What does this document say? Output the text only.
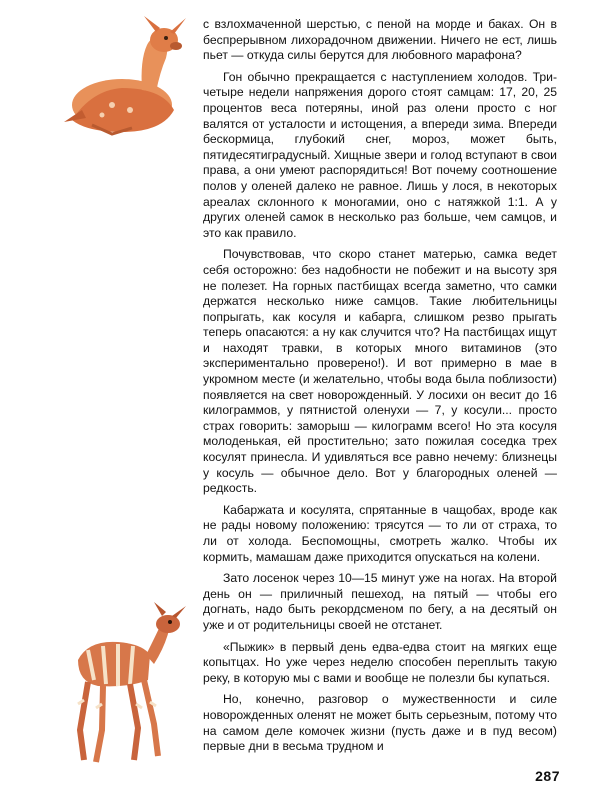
с взлохмаченной шерстью, с пеной на морде и баках. Он в беспрерывном лихорадочном движении. Ничего не ест, лишь пьет — откуда силы берутся для любовного марафона?

Гон обычно прекращается с наступлением холодов. Три-четыре недели напряжения дорого стоят самцам: 17, 20, 25 процентов веса потеряны, иной раз олени просто с ног валятся от усталости и истощения, а впереди зима. Впереди бескормица, глубокий снег, мороз, может быть, пятидесятиградусный. Хищные звери и голод вступают в свои права, а они умеют распорядиться! Вот почему соотношение полов у оленей далеко не равное. Лишь у лося, в некоторых ареалах склонного к моногамии, оно с натяжкой 1:1. А у других оленей самок в несколько раз больше, чем самцов, и это как правило.

Почувствовав, что скоро станет матерью, самка ведет себя осторожно: без надобности не побежит и на высоту зря не полезет. На горных пастбищах всегда заметно, что самки держатся несколько ниже самцов. Такие любительницы попрыгать, как косуля и кабарга, слишком резво прыгать теперь опасаются: а ну как случится что? На пастбищах ищут и находят травки, в которых много витаминов (это экспериментально проверено!). И вот примерно в мае в укромном месте (и желательно, чтобы вода была поблизости) появляется на свет новорожденный. У лосихи он весит до 16 килограммов, у пятнистой оленухи — 7, у косули... просто страх говорить: заморыш — килограмм всего! Но эта косуля молоденькая, ей простительно; зато пожилая соседка трех косулят принесла. И удивляться все равно нечему: близнецы у косуль — обычное дело. Вот у благородных оленей — редкость.

Кабаржата и косулята, спрятанные в чащобах, вроде как не рады новому положению: трясутся — то ли от страха, то ли от холода. Беспомощны, смотреть жалко. Чтобы их кормить, мамашам даже приходится опускаться на колени.

Зато лосенок через 10—15 минут уже на ногах. На второй день он — приличный пешеход, на пятый — чтобы его догнать, надо быть рекордсменом по бегу, а на десятый он уже и от родительницы своей не отстанет.

«Пыжик» в первый день едва-едва стоит на мягких еще копытцах. Но уже через неделю способен переплыть такую реку, в которую мы с вами и вообще не полезли бы купаться.

Но, конечно, разговор о мужественности и силе новорожденных оленят не может быть серьезным, потому что на самом деле комочек жизни (пусть даже и в пуд весом) первые дни в весьма трудном и

287
